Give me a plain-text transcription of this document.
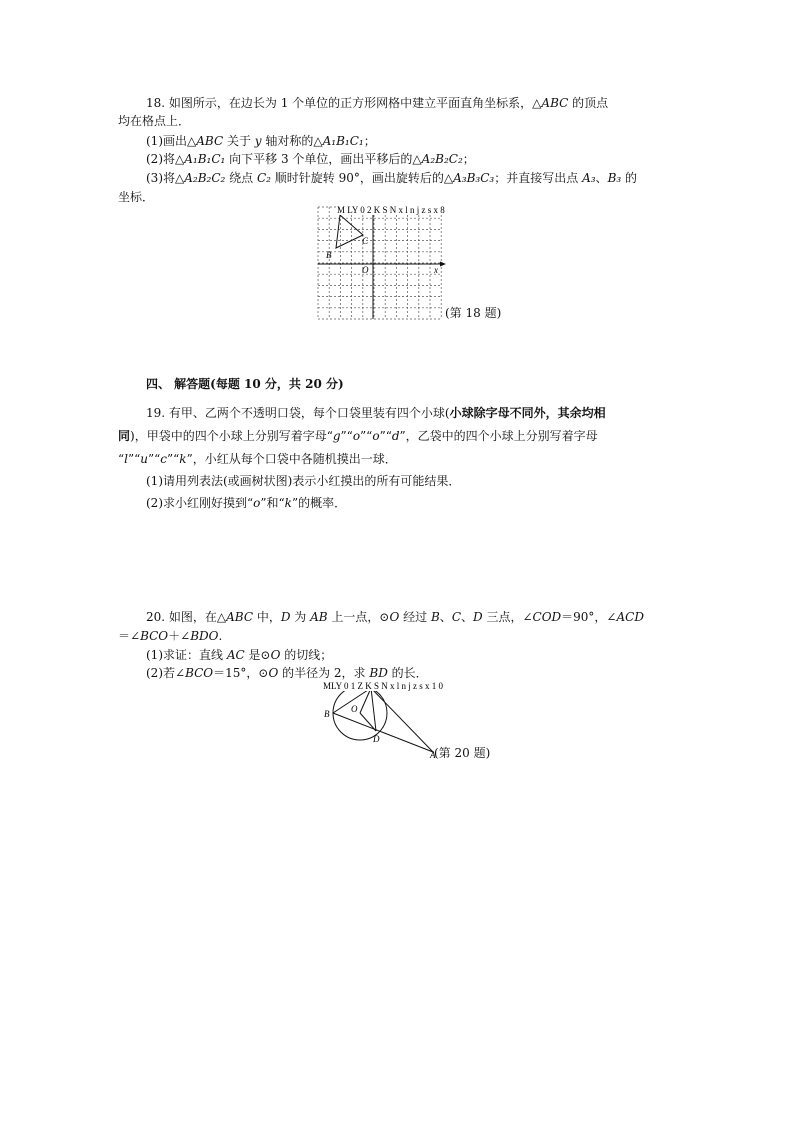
18. 如图所示，在边长为 1 个单位的正方形网格中建立平面直角坐标系，△ABC 的顶点
均在格点上．
(1)画出△ABC 关于 y 轴对称的△A₁B₁C₁；
(2)将△A₁B₁C₁ 向下平移 3 个单位，画出平移后的△A₂B₂C₂；
(3)将△A₂B₂C₂ 绕点 C₂ 顺时针旋转 90°，画出旋转后的△A₃B₃C₃；并直接写出点 A₃、B₃ 的
坐标．
M LY 0 2 K S N x l n j z s x 8
B
C
O	x
(第 18 题)
四、 解答题(每题 10 分，共 20 分)
19. 有甲、乙两个不透明口袋，每个口袋里装有四个小球(小球除字母不同外，其余均相
同)，甲袋中的四个小球上分别写着字母“g”“o”“o”“d”，乙袋中的四个小球上分别写着字母
“l”“u”“c”“k”，小红从每个口袋中各随机摸出一球．
(1)请用列表法(或画树状图)表示小红摸出的所有可能结果．
(2)求小红刚好摸到“o”和“k”的概率．
20. 如图，在△ABC 中，D 为 AB 上一点，⊙O 经过 B、C、D 三点，∠COD＝90°，∠ACD
＝∠BCO＋∠BDO.
(1)求证：直线 AC 是⊙O 的切线；
(2)若∠BCO＝15°，⊙O 的半径为 2，求 BD 的长．
MLY 0 1 Z K S N x l n j z s x 1 0
B O
D
A
(第 20 题)
